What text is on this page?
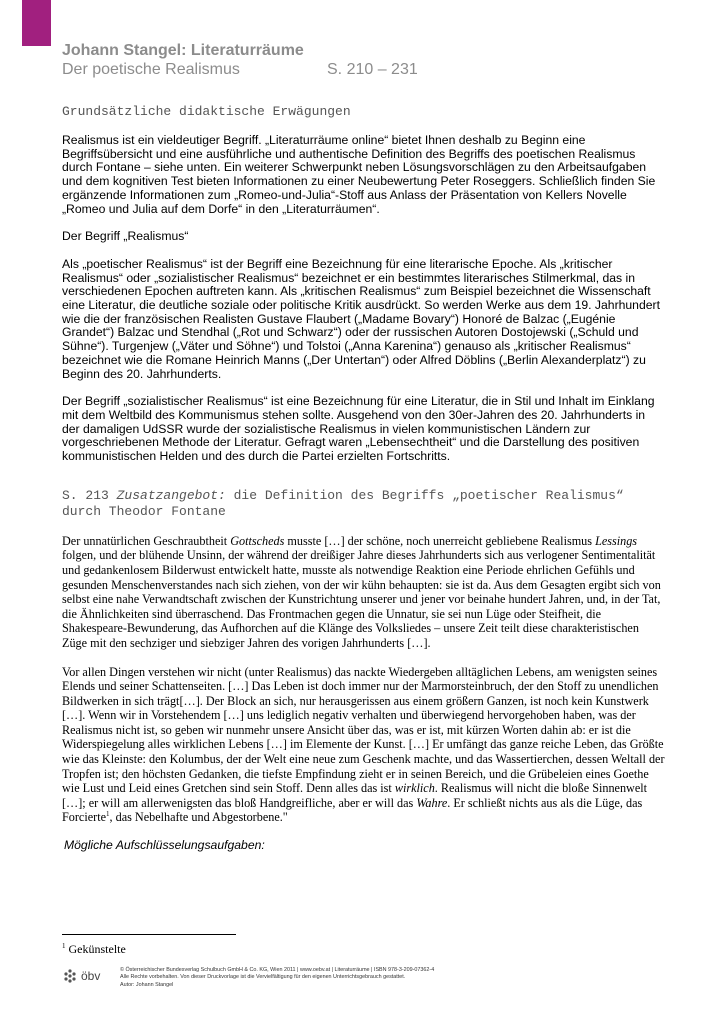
Johann Stangel: Literaturräume
Der poetische Realismus	S. 210 – 231

Grundsätzliche didaktische Erwägungen

Realismus ist ein vieldeutiger Begriff. „Literaturräume online“ bietet Ihnen deshalb zu Beginn eine Begriffsübersicht und eine ausführliche und authentische Definition des Begriffs des poetischen Realismus durch Fontane – siehe unten. Ein weiterer Schwerpunkt neben Lösungsvorschlägen zu den Arbeitsaufgaben und dem kognitiven Test bieten Informationen zu einer Neubewertung Peter Roseggers. Schließlich finden Sie ergänzende Informationen zum „Romeo-und-Julia“-Stoff aus Anlass der Präsentation von Kellers Novelle „Romeo und Julia auf dem Dorfe“ in den „Literaturräumen“.

Der Begriff „Realismus“

Als „poetischer Realismus“ ist der Begriff eine Bezeichnung für eine literarische Epoche. Als „kritischer Realismus“ oder „sozialistischer Realismus“ bezeichnet er ein bestimmtes literarisches Stilmerkmal, das in verschiedenen Epochen auftreten kann. Als „kritischen Realismus“ zum Beispiel bezeichnet die Wissenschaft eine Literatur, die deutliche soziale oder politische Kritik ausdrückt. So werden Werke aus dem 19. Jahrhundert wie die der französischen Realisten Gustave Flaubert („Madame Bovary“) Honoré de Balzac („Eugénie Grandet“) Balzac und Stendhal („Rot und Schwarz“) oder der russischen Autoren Dostojewski („Schuld und Sühne“). Turgenjew („Väter und Söhne“) und Tolstoi („Anna Karenina“) genauso als „kritischer Realismus“ bezeichnet wie die Romane Heinrich Manns („Der Untertan“) oder Alfred Döblins („Berlin Alexanderplatz“) zu Beginn des 20. Jahrhunderts.

Der Begriff „sozialistischer Realismus“ ist eine Bezeichnung für eine Literatur, die in Stil und Inhalt im Einklang mit dem Weltbild des Kommunismus stehen sollte. Ausgehend von den 30er-Jahren des 20. Jahrhunderts in der damaligen UdSSR wurde der sozialistische Realismus in vielen kommunistischen Ländern zur vorgeschriebenen Methode der Literatur. Gefragt waren „Lebensechtheit“ und die Darstellung des positiven kommunistischen Helden und des durch die Partei erzielten Fortschritts.

S. 213 Zusatzangebot: die Definition des Begriffs „poetischer Realismus“ durch Theodor Fontane

Der unnatürlichen Geschraubtheit Gottscheds musste […] der schöne, noch unerreicht gebliebene Realismus Lessings folgen, und der blühende Unsinn, der während der dreißiger Jahre dieses Jahrhunderts sich aus verlogener Sentimentalität und gedankenlosem Bilderwust entwickelt hatte, musste als notwendige Reaktion eine Periode ehrlichen Gefühls und gesunden Menschenverstandes nach sich ziehen, von der wir kühn behaupten: sie ist da. Aus dem Gesagten ergibt sich von selbst eine nahe Verwandtschaft zwischen der Kunstrichtung unserer und jener vor beinahe hundert Jahren, und, in der Tat, die Ähnlichkeiten sind überraschend. Das Frontmachen gegen die Unnatur, sie sei nun Lüge oder Steifheit, die Shakespeare-Bewunderung, das Aufhorchen auf die Klänge des Volksliedes – unsere Zeit teilt diese charakteristischen Züge mit den sechziger und siebziger Jahren des vorigen Jahrhunderts […].

Vor allen Dingen verstehen wir nicht (unter Realismus) das nackte Wiedergeben alltäglichen Lebens, am wenigsten seines Elends und seiner Schattenseiten. […] Das Leben ist doch immer nur der Marmorsteinbruch, der den Stoff zu unendlichen Bildwerken in sich trägt[…]. Der Block an sich, nur herausgerissen aus einem größern Ganzen, ist noch kein Kunstwerk […]. Wenn wir in Vorstehendem […] uns lediglich negativ verhalten und überwiegend hervorgehoben haben, was der Realismus nicht ist, so geben wir nunmehr unsere Ansicht über das, was er ist, mit kürzen Worten dahin ab: er ist die Widerspiegelung alles wirklichen Lebens […] im Elemente der Kunst. […] Er umfängt das ganze reiche Leben, das Größte wie das Kleinste: den Kolumbus, der der Welt eine neue zum Geschenk machte, und das Wassertierchen, dessen Weltall der Tropfen ist; den höchsten Gedanken, die tiefste Empfindung zieht er in seinen Bereich, und die Grübeleien eines Goethe wie Lust und Leid eines Gretchen sind sein Stoff. Denn alles das ist wirklich. Realismus will nicht die bloße Sinnenwelt […]; er will am allerwenigsten das bloß Handgreifliche, aber er will das Wahre. Er schließt nichts aus als die Lüge, das Forcierte$^1$, das Nebelhafte und Abgestorbene."

Mögliche Aufschlüsselungsaufgaben:

$^1$ Gekünstelte
öbv	© Österreichischer Bundesverlag Schulbuch GmbH & Co. KG, Wien 2011 | www.oebv.at | Literaturräume | ISBN 978-3-209-07362-4
Alle Rechte vorbehalten. Von dieser Druckvorlage ist die Vervielfältigung für den eigenen Unterrichtsgebrauch gestattet.
Autor: Johann Stangel
